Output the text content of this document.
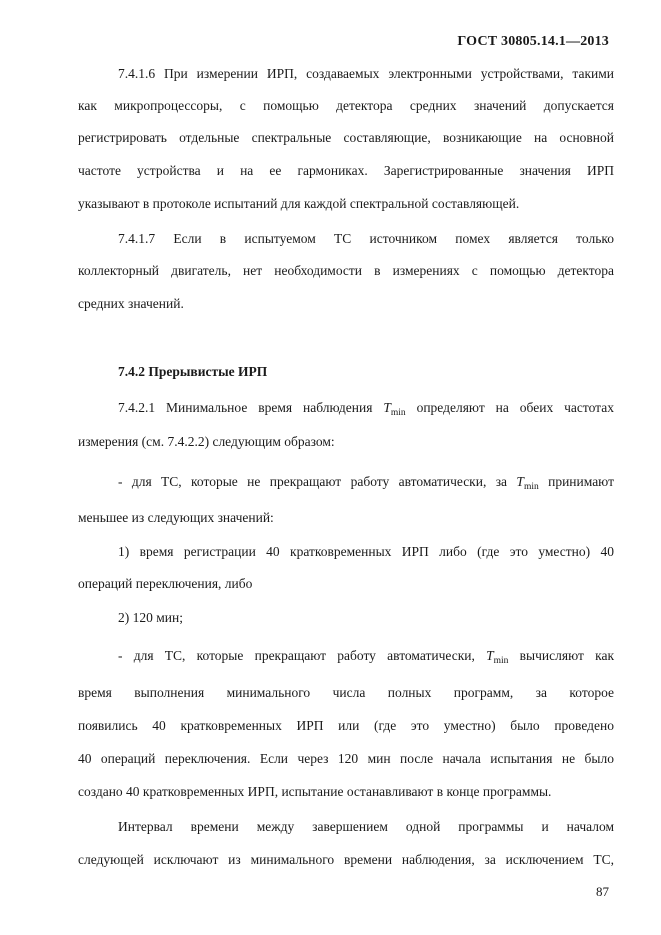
ГОСТ 30805.14.1—2013
7.4.1.6 При измерении ИРП, создаваемых электронными устройствами, такими
как микропроцессоры, с помощью детектора средних значений допускается
регистрировать отдельные спектральные составляющие, возникающие на основной
частоте устройства и на ее гармониках. Зарегистрированные значения ИРП
указывают в протоколе испытаний для каждой спектральной составляющей.
7.4.1.7 Если в испытуемом ТС источником помех является только
коллекторный двигатель, нет необходимости в измерениях с помощью детектора
средних значений.
7.4.2 Прерывистые ИРП
7.4.2.1 Минимальное время наблюдения $T_{min}$ определяют на обеих частотах
измерения (см. 7.4.2.2) следующим образом:
- для ТС, которые не прекращают работу автоматически, за $T_{min}$ принимают
меньшее из следующих значений:
1) время регистрации 40 кратковременных ИРП либо (где это уместно) 40
операций переключения, либо
2) 120 мин;
- для ТС, которые прекращают работу автоматически, $T_{min}$ вычисляют как
время выполнения минимального числа полных программ, за которое
появились 40 кратковременных ИРП или (где это уместно) было проведено
40 операций переключения. Если через 120 мин после начала испытания не было
создано 40 кратковременных ИРП, испытание останавливают в конце программы.
Интервал времени между завершением одной программы и началом
следующей исключают из минимального времени наблюдения, за исключением ТС,
87
